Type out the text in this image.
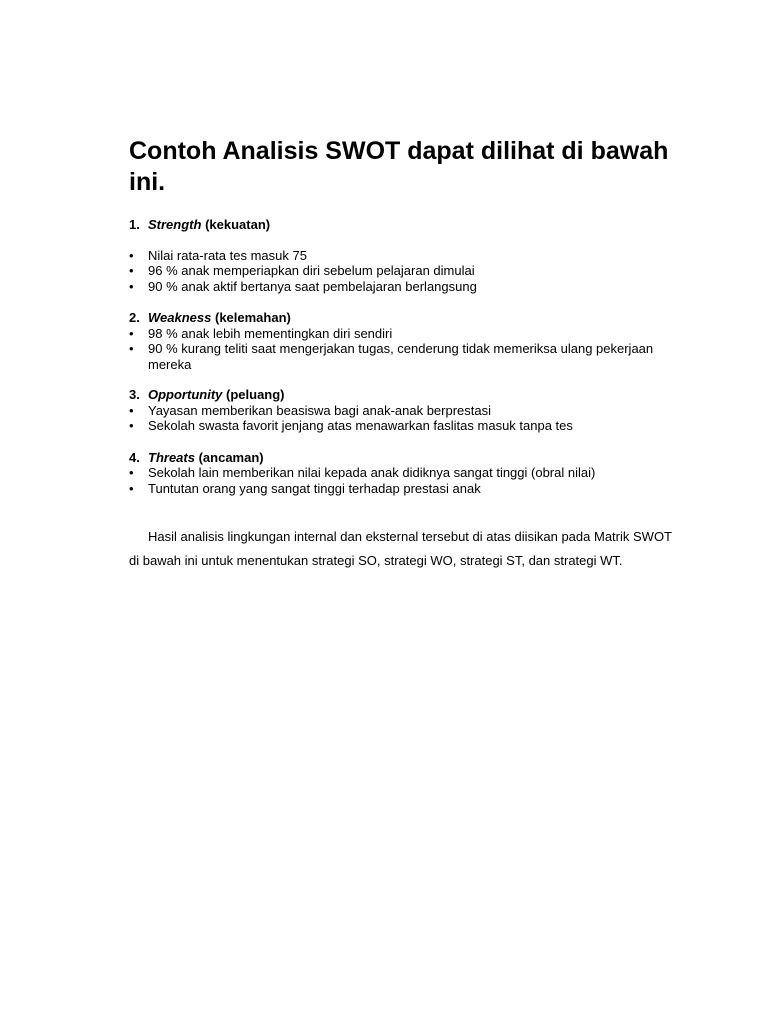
Contoh Analisis SWOT dapat dilihat di bawah ini.
1. Strength (kekuatan)
•
Nilai rata-rata tes masuk 75
•
96 % anak memperiapkan diri sebelum pelajaran dimulai
•
90 % anak aktif bertanya saat pembelajaran berlangsung
2. Weakness (kelemahan)
•
98 % anak lebih mementingkan diri sendiri
•
90 % kurang teliti saat mengerjakan tugas, cenderung tidak memeriksa ulang pekerjaan mereka
3. Opportunity (peluang)
•
Yayasan memberikan beasiswa bagi anak-anak berprestasi
•
Sekolah swasta favorit jenjang atas menawarkan faslitas masuk tanpa tes
4. Threats (ancaman)
•
Sekolah lain memberikan nilai kepada anak didiknya sangat tinggi (obral nilai)
•
Tuntutan orang yang sangat tinggi terhadap prestasi anak

Hasil analisis lingkungan internal dan eksternal tersebut di atas diisikan pada Matrik SWOT di bawah ini untuk menentukan strategi SO, strategi WO, strategi ST, dan strategi WT.
